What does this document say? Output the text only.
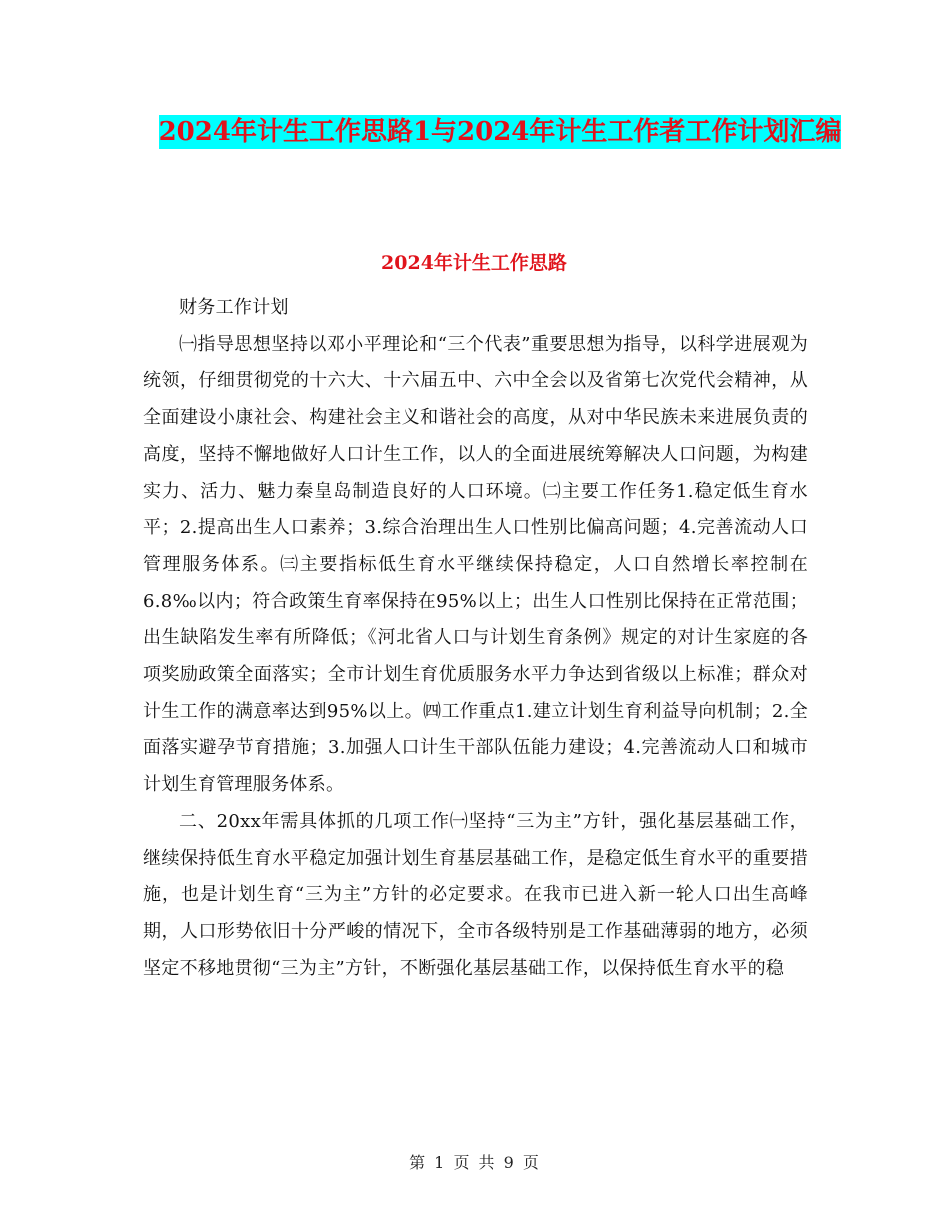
2024年计生工作思路1与2024年计生工作者工作计划汇编
2024年计生工作思路

财务工作计划

㈠指导思想坚持以邓小平理论和“三个代表”重要思想为指导，以科学进展观为统领，仔细贯彻党的十六大、十六届五中、六中全会以及省第七次党代会精神，从全面建设小康社会、构建社会主义和谐社会的高度，从对中华民族未来进展负责的高度，坚持不懈地做好人口计生工作，以人的全面进展统筹解决人口问题，为构建实力、活力、魅力秦皇岛制造良好的人口环境。㈡主要工作任务1.稳定低生育水平；2.提高出生人口素养；3.综合治理出生人口性别比偏高问题；4.完善流动人口管理服务体系。㈢主要指标低生育水平继续保持稳定，人口自然增长率控制在6.8‰以内；符合政策生育率保持在95%以上；出生人口性别比保持在正常范围；出生缺陷发生率有所降低；《河北省人口与计划生育条例》规定的对计生家庭的各项奖励政策全面落实；全市计划生育优质服务水平力争达到省级以上标准；群众对计生工作的满意率达到95%以上。㈣工作重点1.建立计划生育利益导向机制；2.全面落实避孕节育措施；3.加强人口计生干部队伍能力建设；4.完善流动人口和城市计划生育管理服务体系。

二、20xx年需具体抓的几项工作㈠坚持“三为主”方针，强化基层基础工作，继续保持低生育水平稳定加强计划生育基层基础工作，是稳定低生育水平的重要措施，也是计划生育“三为主”方针的必定要求。在我市已进入新一轮人口出生高峰期，人口形势依旧十分严峻的情况下，全市各级特别是工作基础薄弱的地方，必须坚定不移地贯彻“三为主”方针，不断强化基层基础工作，以保持低生育水平的稳

第 1 页 共 9 页
